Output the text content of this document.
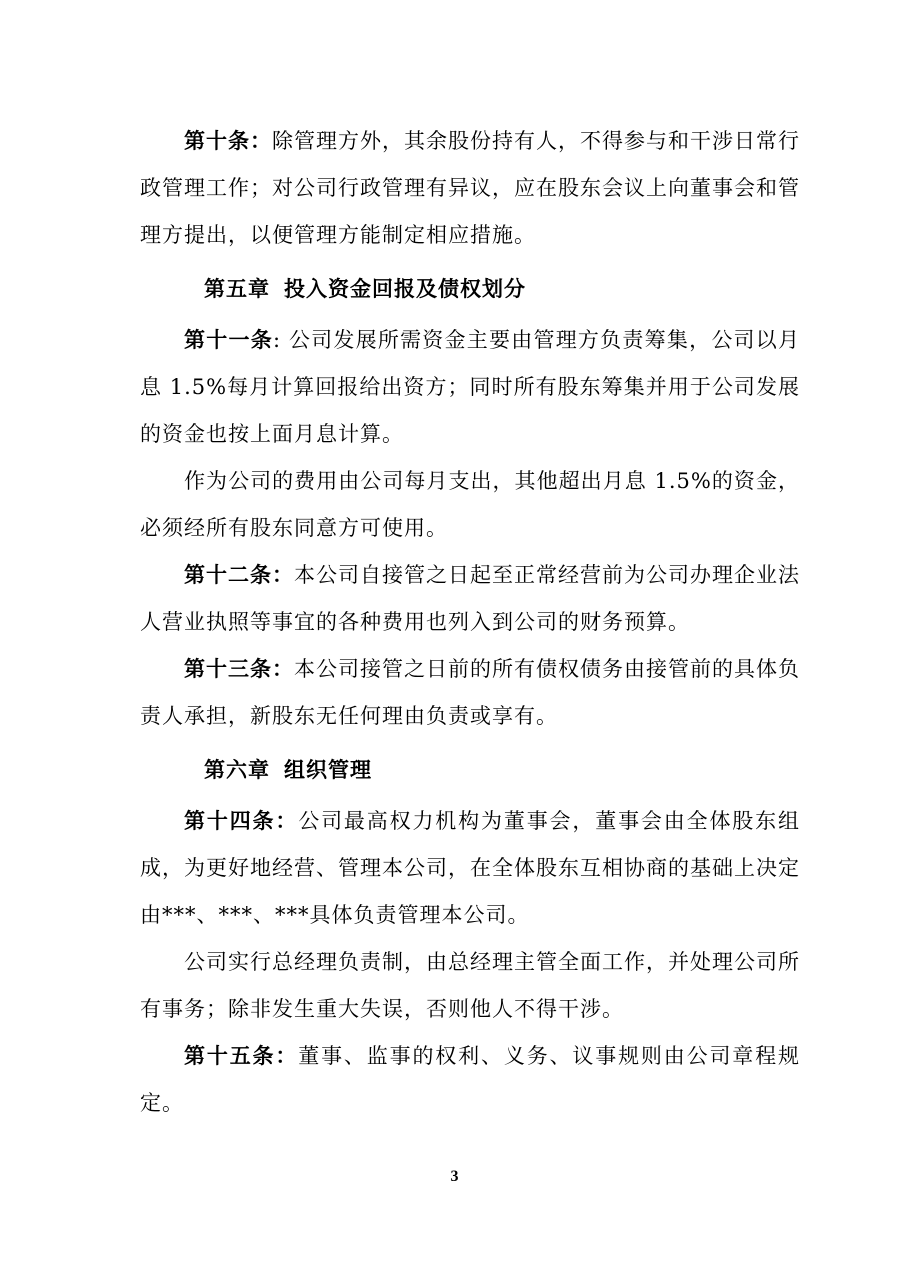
第十条：除管理方外，其余股份持有人，不得参与和干涉日常行政管理工作；对公司行政管理有异议，应在股东会议上向董事会和管理方提出，以便管理方能制定相应措施。

第五章 投入资金回报及债权划分

第十一条: 公司发展所需资金主要由管理方负责筹集，公司以月息 1.5%每月计算回报给出资方；同时所有股东筹集并用于公司发展的资金也按上面月息计算。

作为公司的费用由公司每月支出，其他超出月息 1.5%的资金，必须经所有股东同意方可使用。

第十二条：本公司自接管之日起至正常经营前为公司办理企业法人营业执照等事宜的各种费用也列入到公司的财务预算。

第十三条：本公司接管之日前的所有债权债务由接管前的具体负责人承担，新股东无任何理由负责或享有。

第六章 组织管理

第十四条：公司最高权力机构为董事会，董事会由全体股东组成，为更好地经营、管理本公司，在全体股东互相协商的基础上决定由***、***、***具体负责管理本公司。

公司实行总经理负责制，由总经理主管全面工作，并处理公司所有事务；除非发生重大失误，否则他人不得干涉。

第十五条：董事、监事的权利、义务、议事规则由公司章程规定。

3
